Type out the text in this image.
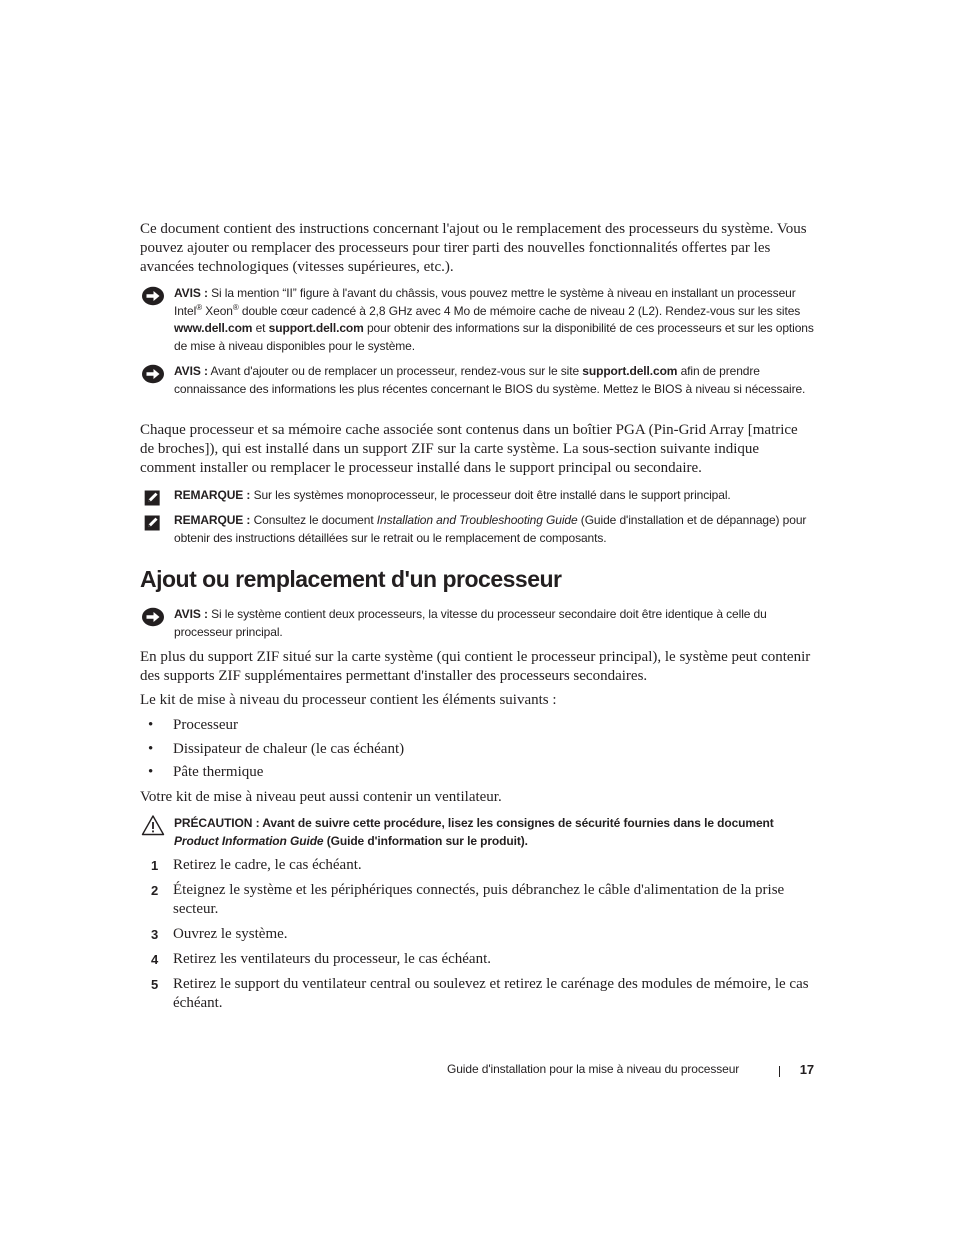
Ce document contient des instructions concernant l'ajout ou le remplacement des processeurs du système. Vous pouvez ajouter ou remplacer des processeurs pour tirer parti des nouvelles fonctionnalités offertes par les avancées technologiques (vitesses supérieures, etc.).

AVIS : Si la mention “II” figure à l'avant du châssis, vous pouvez mettre le système à niveau en installant un processeur Intel® Xeon® double cœur cadencé à 2,8 GHz avec 4 Mo de mémoire cache de niveau 2 (L2). Rendez-vous sur les sites www.dell.com et support.dell.com pour obtenir des informations sur la disponibilité de ces processeurs et sur les options de mise à niveau disponibles pour le système.
AVIS : Avant d'ajouter ou de remplacer un processeur, rendez-vous sur le site support.dell.com afin de prendre connaissance des informations les plus récentes concernant le BIOS du système. Mettez le BIOS à niveau si nécessaire.

Chaque processeur et sa mémoire cache associée sont contenus dans un boîtier PGA (Pin-Grid Array [matrice de broches]), qui est installé dans un support ZIF sur la carte système. La sous-section suivante indique comment installer ou remplacer le processeur installé dans le support principal ou secondaire.

REMARQUE : Sur les systèmes monoprocesseur, le processeur doit être installé dans le support principal.
REMARQUE : Consultez le document Installation and Troubleshooting Guide (Guide d'installation et de dépannage) pour obtenir des instructions détaillées sur le retrait ou le remplacement de composants.
Ajout ou remplacement d'un processeur
AVIS : Si le système contient deux processeurs, la vitesse du processeur secondaire doit être identique à celle du processeur principal.

En plus du support ZIF situé sur la carte système (qui contient le processeur principal), le système peut contenir des supports ZIF supplémentaires permettant d'installer des processeurs secondaires.

Le kit de mise à niveau du processeur contient les éléments suivants :

• Processeur
• Dissipateur de chaleur (le cas échéant)
• Pâte thermique

Votre kit de mise à niveau peut aussi contenir un ventilateur.

PRÉCAUTION : Avant de suivre cette procédure, lisez les consignes de sécurité fournies dans le document Product Information Guide (Guide d'information sur le produit).
1 Retirez le cadre, le cas échéant.
2 Éteignez le système et les périphériques connectés, puis débranchez le câble d'alimentation de la prise secteur.
3 Ouvrez le système.
4 Retirez les ventilateurs du processeur, le cas échéant.
5 Retirez le support du ventilateur central ou soulevez et retirez le carénage des modules de mémoire, le cas échéant.
Guide d'installation pour la mise à niveau du processeur	17
